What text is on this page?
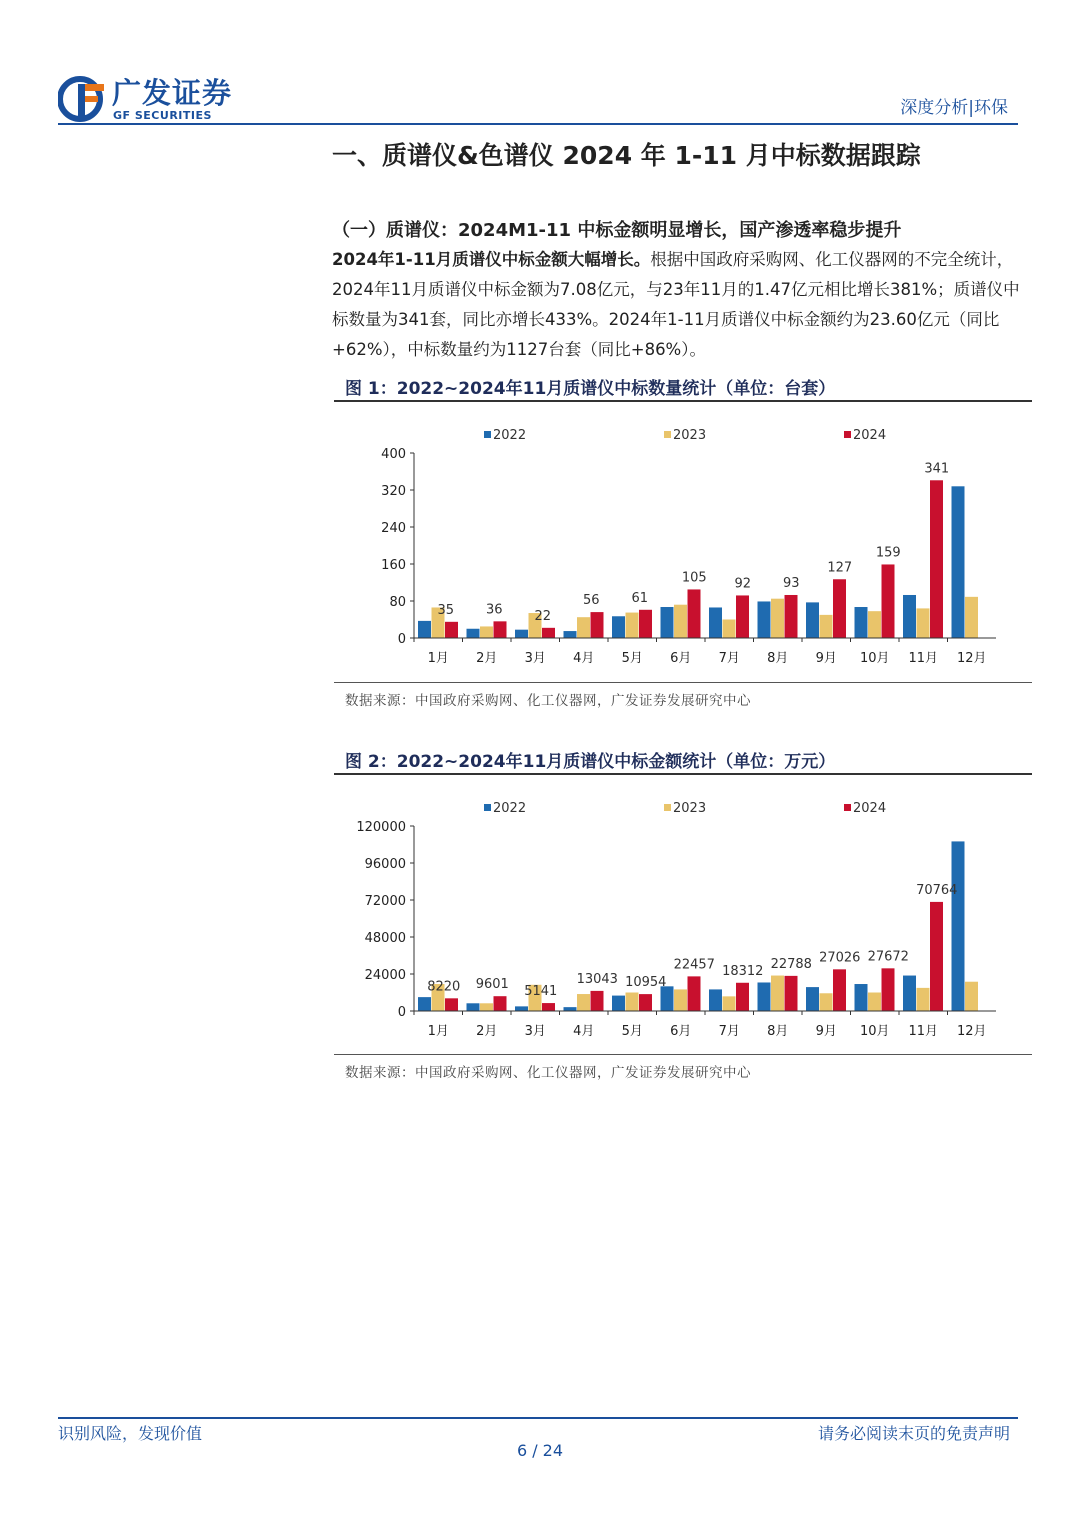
广发证券
GF SECURITIES	深度分析|环保
一、质谱仪&色谱仪 2024 年 1-11 月中标数据跟踪
（一）质谱仪：2024M1-11 中标金额明显增长，国产渗透率稳步提升
2024年1-11月质谱仪中标金额大幅增长。根据中国政府采购网、化工仪器网的不完全统计，2024年11月质谱仪中标金额为7.08亿元，与23年11月的1.47亿元相比增长381%；质谱仪中标数量为341套，同比亦增长433%。2024年1-11月质谱仪中标金额约为23.60亿元（同比+62%），中标数量约为1127台套（同比+86%）。
图 1：2022~2024年11月质谱仪中标数量统计（单位：台套）
2022	2023	2024
0
80
160
240
320
400
1月 2月 3月 4月 5月 6月 7月 8月 9月 10月 11月 12月
35 36 22
56 61
105 92 93
127
159
341
数据来源：中国政府采购网、化工仪器网，广发证券发展研究中心
图 2：2022~2024年11月质谱仪中标金额统计（单位：万元）
2022	2023	2024
0
24000
48000
72000
96000
120000
1月 2月 3月 4月 5月 6月 7月 8月 9月 10月 11月 12月
8220 9601 5141
13043 10954
22457 18312 22788 27026 27672
70764
数据来源：中国政府采购网、化工仪器网，广发证券发展研究中心
识别风险，发现价值	请务必阅读末页的免责声明
6 / 24
